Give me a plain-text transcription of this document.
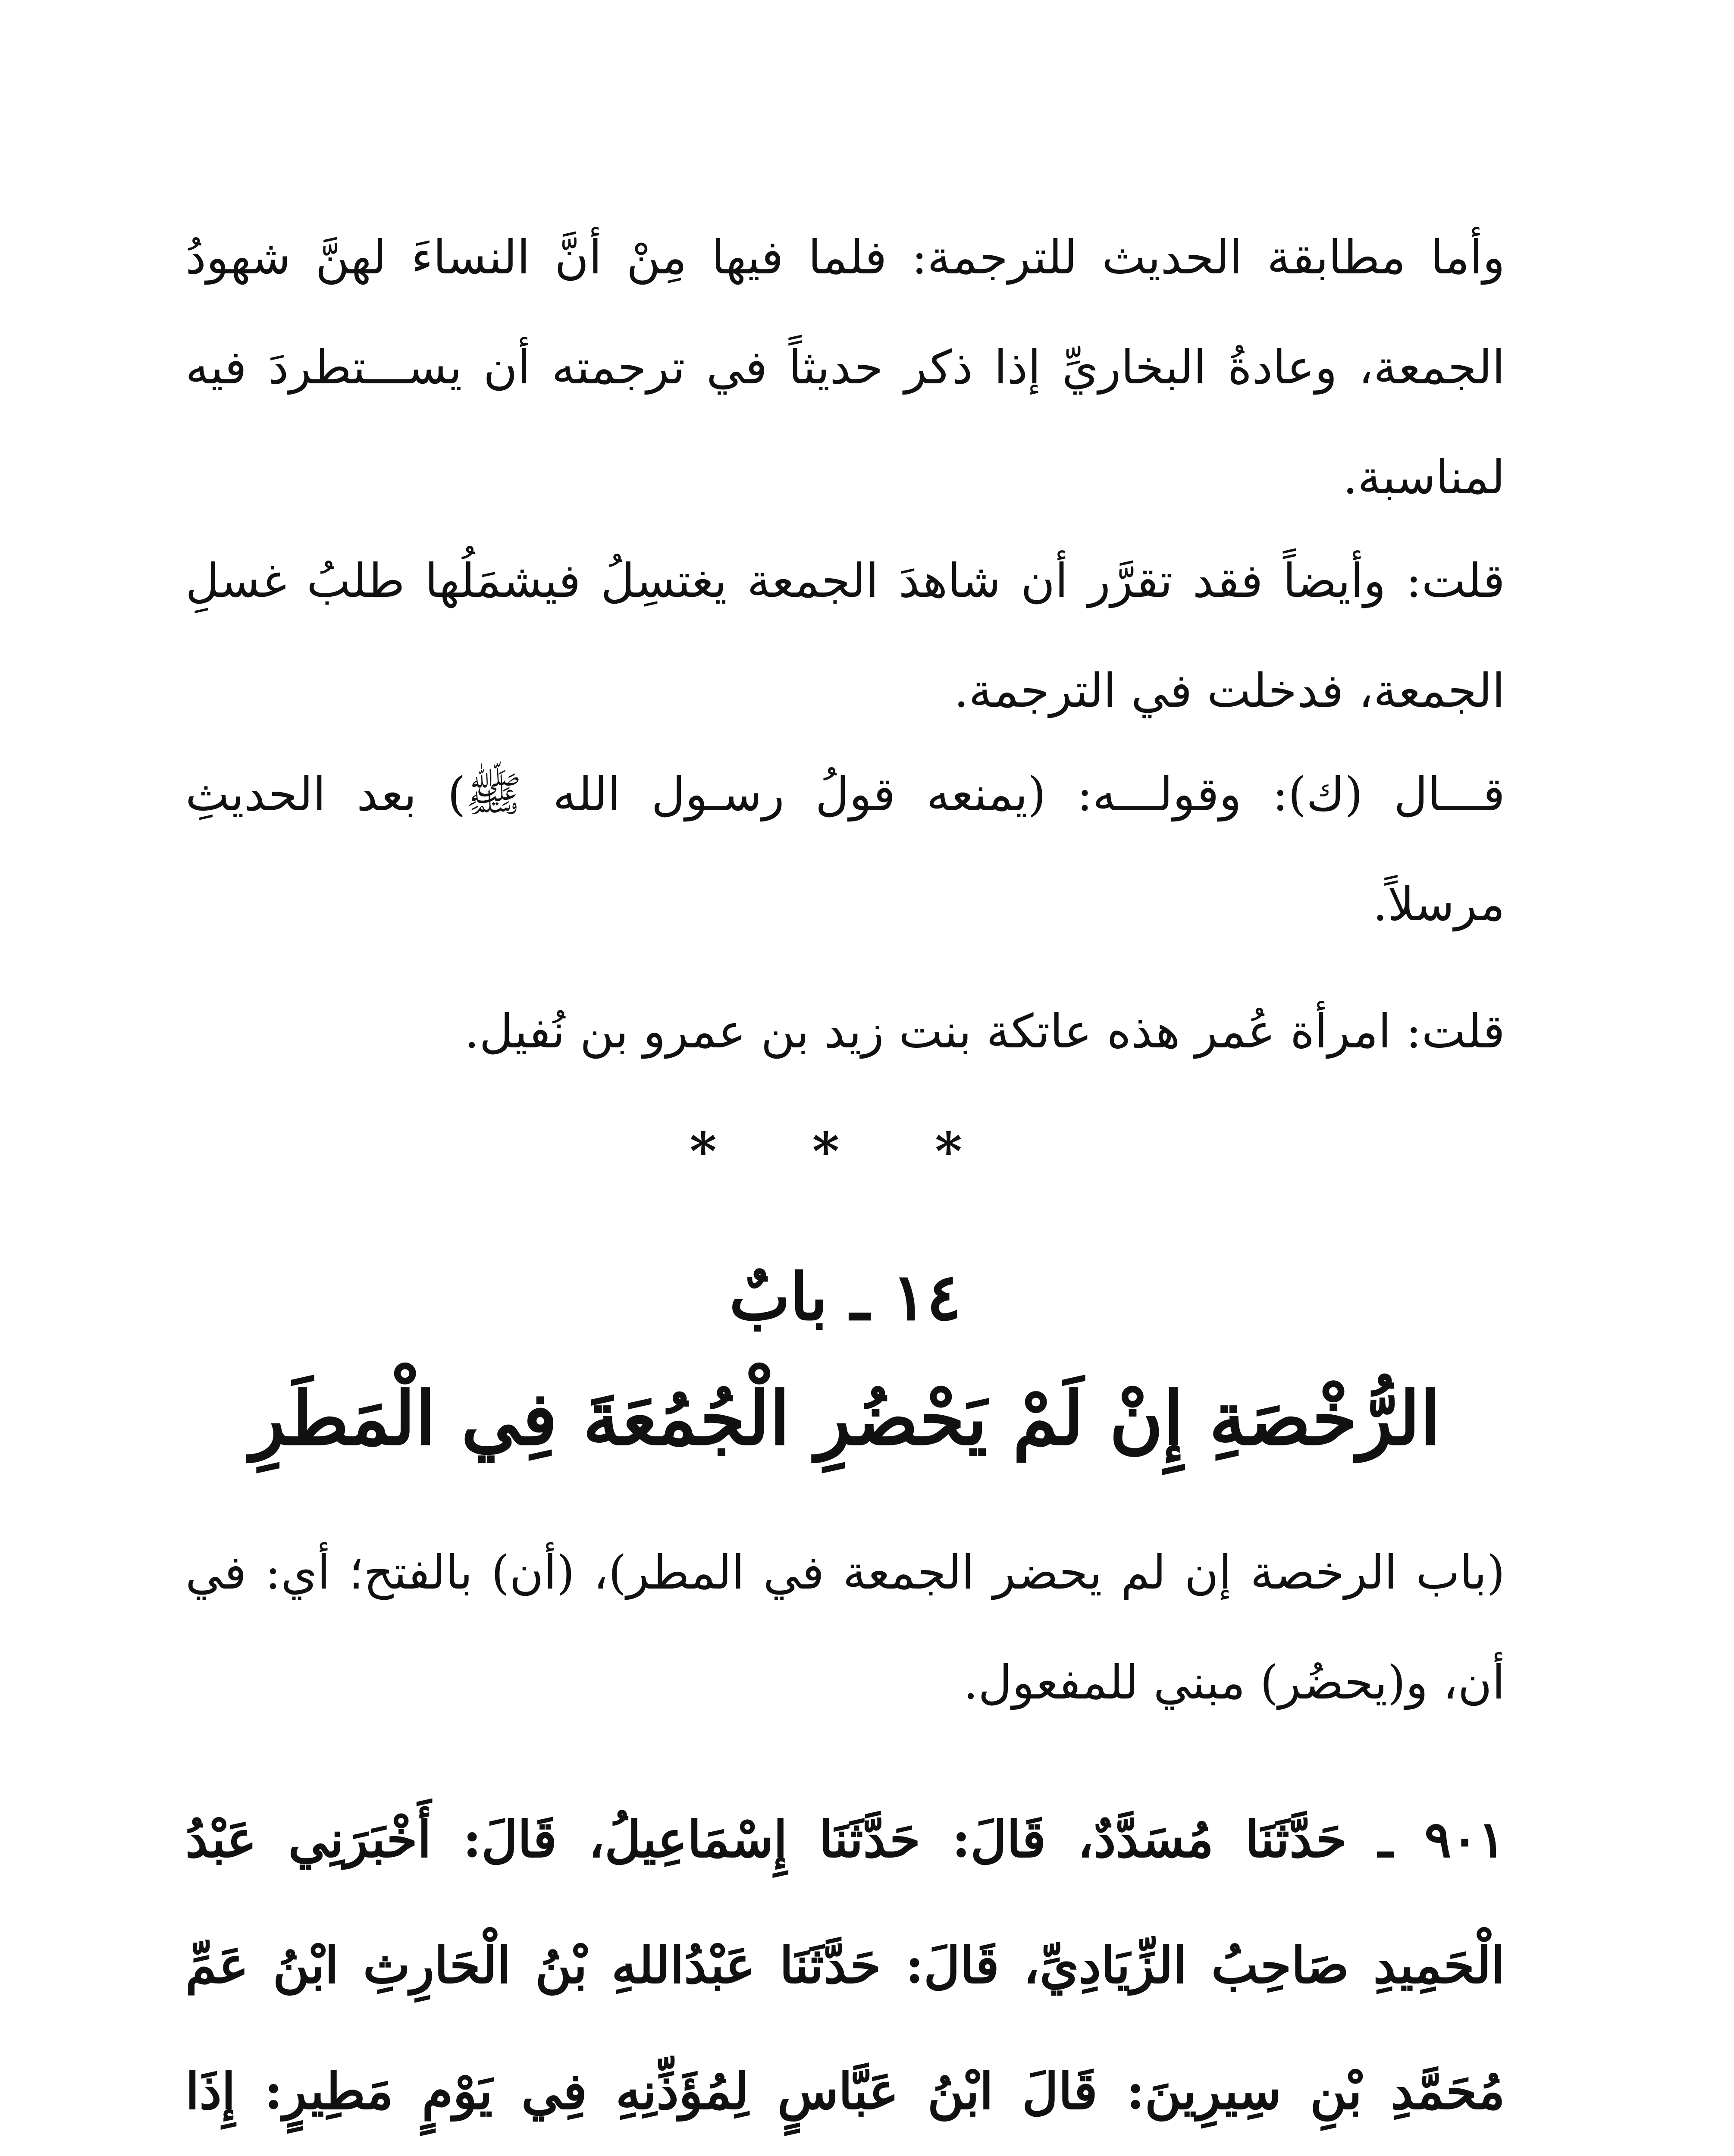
وأما مطابقة الحديث للترجمة: فلما فيها مِنْ أنَّ النساءَ لهنَّ شهودُ الجمعة، وعادةُ البخاريِّ إذا ذكر حديثاً في ترجمته أن يســـتطردَ فيه لمناسبة.

قلت: وأيضاً فقد تقرَّر أن شاهدَ الجمعة يغتسِلُ فيشمَلُها طلبُ غسلِ الجمعة، فدخلت في الترجمة.

قـــال (ك): وقولـــه: (يمنعه قولُ رسـول الله ﷺ) بعد الحديثِ مرسلاً.

قلت: امرأة عُمر هذه عاتكة بنت زيد بن عمرو بن نُفيل.

* * *
١٤ ـ بابٌ
الرُّخْصَةِ إِنْ لَمْ يَحْضُرِ الْجُمُعَةَ فِي الْمَطَرِ

(باب الرخصة إن لم يحضر الجمعة في المطر)، (أن) بالفتح؛ أي: في أن، و(يحضُر) مبني للمفعول.

٩٠١ ـ حَدَّثَنَا مُسَدَّدٌ، قَالَ: حَدَّثَنَا إِسْمَاعِيلُ، قَالَ: أَخْبَرَنِي عَبْدُ الْحَمِيدِ صَاحِبُ الزِّيَادِيِّ، قَالَ: حَدَّثَنَا عَبْدُاللهِ بْنُ الْحَارِثِ ابْنُ عَمِّ مُحَمَّدِ بْنِ سِيرِينَ: قَالَ ابْنُ عَبَّاسٍ لِمُؤَذِّنِهِ فِي يَوْمٍ مَطِيرٍ: إِذَا
